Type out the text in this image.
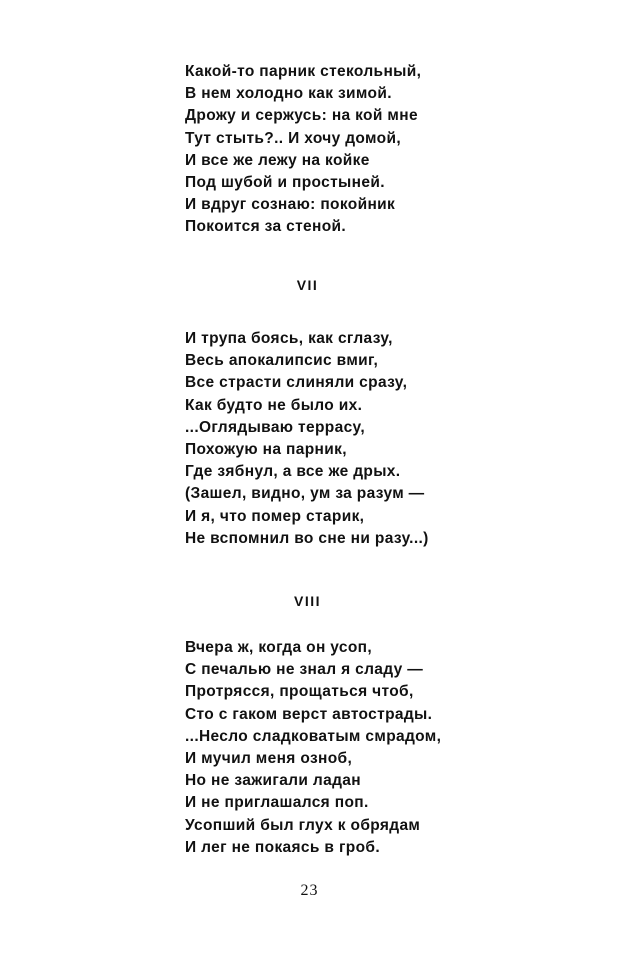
Какой-то парник стекольный,
В нем холодно как зимой.
Дрожу и сержусь: на кой мне
Тут стыть?.. И хочу домой,
И все же лежу на койке
Под шубой и простыней.
И вдруг сознаю: покойник
Покоится за стеной.
VII
И трупа боясь, как сглазу,
Весь апокалипсис вмиг,
Все страсти слиняли сразу,
Как будто не было их.
...Оглядываю террасу,
Похожую на парник,
Где зябнул, а все же дрых.
(Зашел, видно, ум за разум —
И я, что помер старик,
Не вспомнил во сне ни разу...)
VIII
Вчера ж, когда он усоп,
С печалью не знал я сладу —
Протрясся, прощаться чтоб,
Сто с гаком верст автострады.
...Несло сладковатым смрадом,
И мучил меня озноб,
Но не зажигали ладан
И не приглашался поп.
Усопший был глух к обрядам
И лег не покаясь в гроб.

23
